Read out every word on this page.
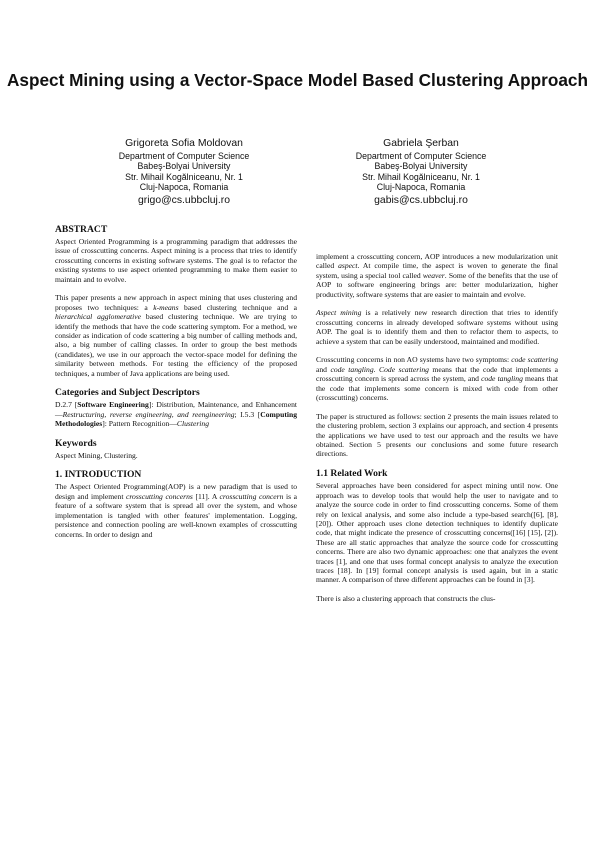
Aspect Mining using a Vector-Space Model Based Clustering Approach
Grigoreta Sofia Moldovan
Department of Computer Science
Babeş-Bolyai University
Str. Mihail Kogălniceanu, Nr. 1
Cluj-Napoca, Romania
grigo@cs.ubbcluj.ro
Gabriela Şerban
Department of Computer Science
Babeş-Bolyai University
Str. Mihail Kogălniceanu, Nr. 1
Cluj-Napoca, Romania
gabis@cs.ubbcluj.ro
ABSTRACT

Aspect Oriented Programming is a programming paradigm that addresses the issue of crosscutting concerns. Aspect mining is a process that tries to identify crosscutting concerns in existing software systems. The goal is to refactor the existing systems to use aspect oriented programming to make them easier to maintain and to evolve.

This paper presents a new approach in aspect mining that uses clustering and proposes two techniques: a k-means based clustering technique and a hierarchical agglomerative based clustering technique. We are trying to identify the methods that have the code scattering symptom. For a method, we consider as indication of code scattering a big number of calling methods and, also, a big number of calling classes. In order to group the best methods (candidates), we use in our approach the vector-space model for defining the similarity between methods. For testing the efficiency of the proposed techniques, a number of Java applications are being used.

Categories and Subject Descriptors

D.2.7 [Software Engineering]: Distribution, Maintenance, and Enhancement—Restructuring, reverse engineering, and reengineering; I.5.3 [Computing Methodologies]: Pattern Recognition—Clustering

Keywords

Aspect Mining, Clustering.

1. INTRODUCTION

The Aspect Oriented Programming(AOP) is a new paradigm that is used to design and implement crosscutting concerns [11]. A crosscutting concern is a feature of a software system that is spread all over the system, and whose implementation is tangled with other features' implementation. Logging, persistence and connection pooling are well-known examples of crosscutting concerns. In order to design and

implement a crosscutting concern, AOP introduces a new modularization unit called aspect. At compile time, the aspect is woven to generate the final system, using a special tool called weaver. Some of the benefits that the use of AOP to software engineering brings are: better modularization, higher productivity, software systems that are easier to maintain and evolve.

Aspect mining is a relatively new research direction that tries to identify crosscutting concerns in already developed software systems without using AOP. The goal is to identify them and then to refactor them to aspects, to achieve a system that can be easily understood, maintained and modified.

Crosscutting concerns in non AO systems have two symptoms: code scattering and code tangling. Code scattering means that the code that implements a crosscutting concern is spread across the system, and code tangling means that the code that implements some concern is mixed with code from other (crosscutting) concerns.

The paper is structured as follows: section 2 presents the main issues related to the clustering problem, section 3 explains our approach, and section 4 presents the applications we have used to test our approach and the results we have obtained. Section 5 presents our conclusions and some future research directions.

1.1 Related Work

Several approaches have been considered for aspect mining until now. One approach was to develop tools that would help the user to navigate and to analyze the source code in order to find crosscutting concerns. Some of them rely on lexical analysis, and some also include a type-based search([6], [8], [20]). Other approach uses clone detection techniques to identify duplicate code, that might indicate the presence of crosscutting concerns([16] [15], [2]). These are all static approaches that analyze the source code for crosscutting concerns. There are also two dynamic approaches: one that analyzes the event traces [1], and one that uses formal concept analysis to analyze the execution traces [18]. In [19] formal concept analysis is used again, but in a static manner. A comparison of three different approaches can be found in [3].

There is also a clustering approach that constructs the clus-
